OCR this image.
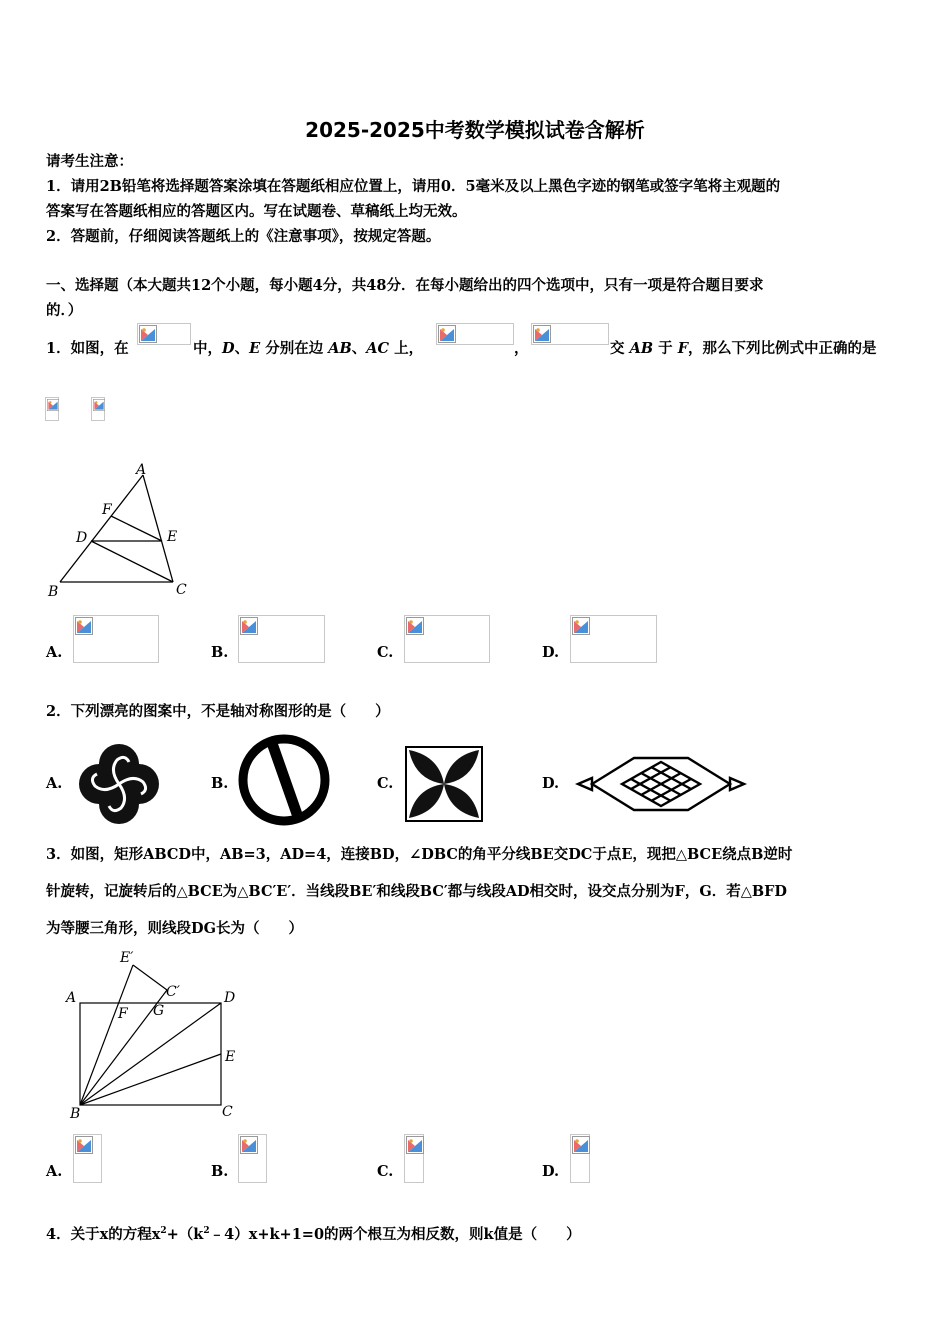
2025-2025中考数学模拟试卷含解析
请考生注意：
1．请用2B铅笔将选择题答案涂填在答题纸相应位置上，请用0．5毫米及以上黑色字迹的钢笔或签字笔将主观题的
答案写在答题纸相应的答题区内。写在试题卷、草稿纸上均无效。
2．答题前，仔细阅读答题纸上的《注意事项》，按规定答题。
一、选择题（本大题共12个小题，每小题4分，共48分．在每小题给出的四个选项中，只有一项是符合题目要求
的．）
1．如图，在	中，D、E 分别在边 AB、AC 上，	，	交 AB 于 F，那么下列比例式中正确的是
A
F
D	E
B	C
A.	B.	C.	D.
2．下列漂亮的图案中，不是轴对称图形的是（　　）
A.	B.	C.	D.
3．如图，矩形ABCD中，AB=3，AD=4，连接BD，∠DBC的角平分线BE交DC于点E，现把△BCE绕点B逆时
针旋转，记旋转后的△BCE为△BC′E′．当线段BE′和线段BC′都与线段AD相交时，设交点分别为F，G．若△BFD
为等腰三角形，则线段DG长为（　　）
E′
C′
A	D
F G
E
B	C
A.	B.	C.	D.
4．关于x的方程$x^2+(k^2﹣4)x+k+1=0$的两个根互为相反数，则k值是（　　）
